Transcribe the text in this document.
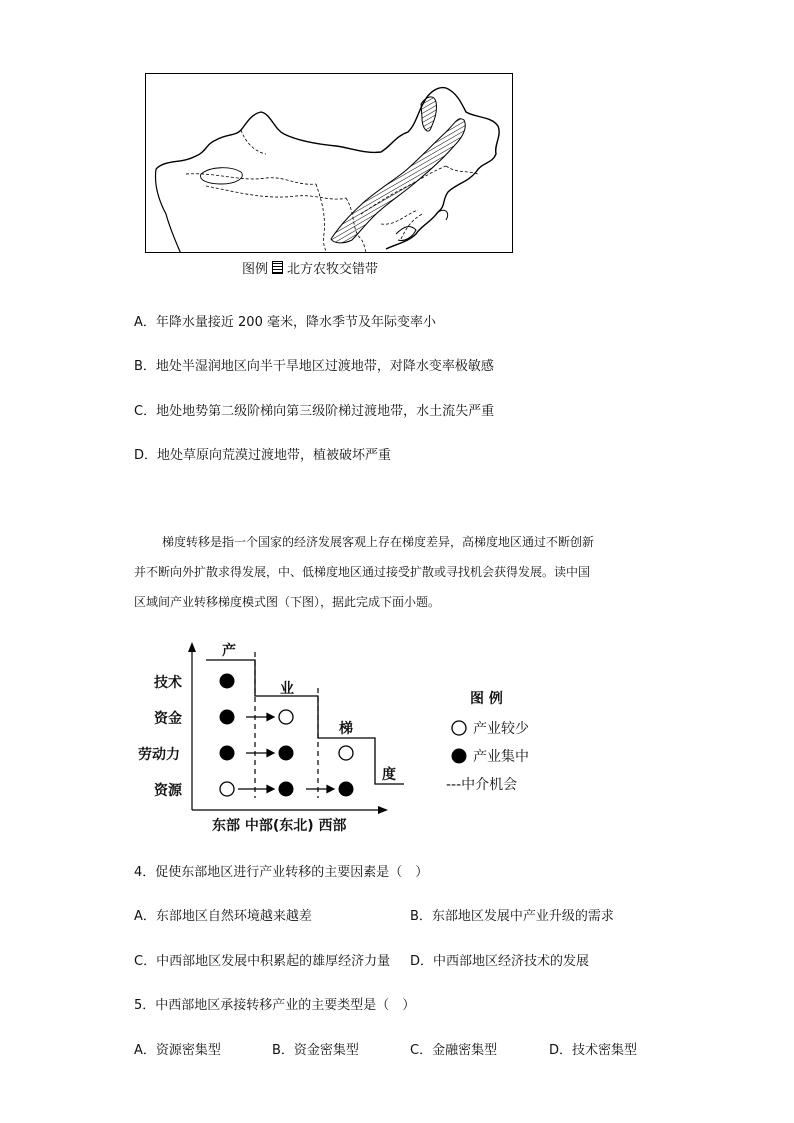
图例 北方农牧交错带
A．年降水量接近 200 毫米，降水季节及年际变率小
B．地处半湿润地区向半干旱地区过渡地带，对降水变率极敏感
C．地处地势第二级阶梯向第三级阶梯过渡地带，水土流失严重
D．地处草原向荒漠过渡地带，植被破坏严重
梯度转移是指一个国家的经济发展客观上存在梯度差异，高梯度地区通过不断创新
并不断向外扩散求得发展，中、低梯度地区通过接受扩散或寻找机会获得发展。读中国
区域间产业转移梯度模式图（下图），据此完成下面小题。
产
业
梯
度
技术
资金
劳动力
资源
东部 中部(东北) 西部
图 例
产业较少
产业集中
---中介机会
4．促使东部地区进行产业转移的主要因素是（　）
A．东部地区自然环境越来越差	B．东部地区发展中产业升级的需求
C．中西部地区发展中积累起的雄厚经济力量 D．中西部地区经济技术的发展
5．中西部地区承接转移产业的主要类型是（　）
A．资源密集型	B．资金密集型	C．金融密集型	D．技术密集型
